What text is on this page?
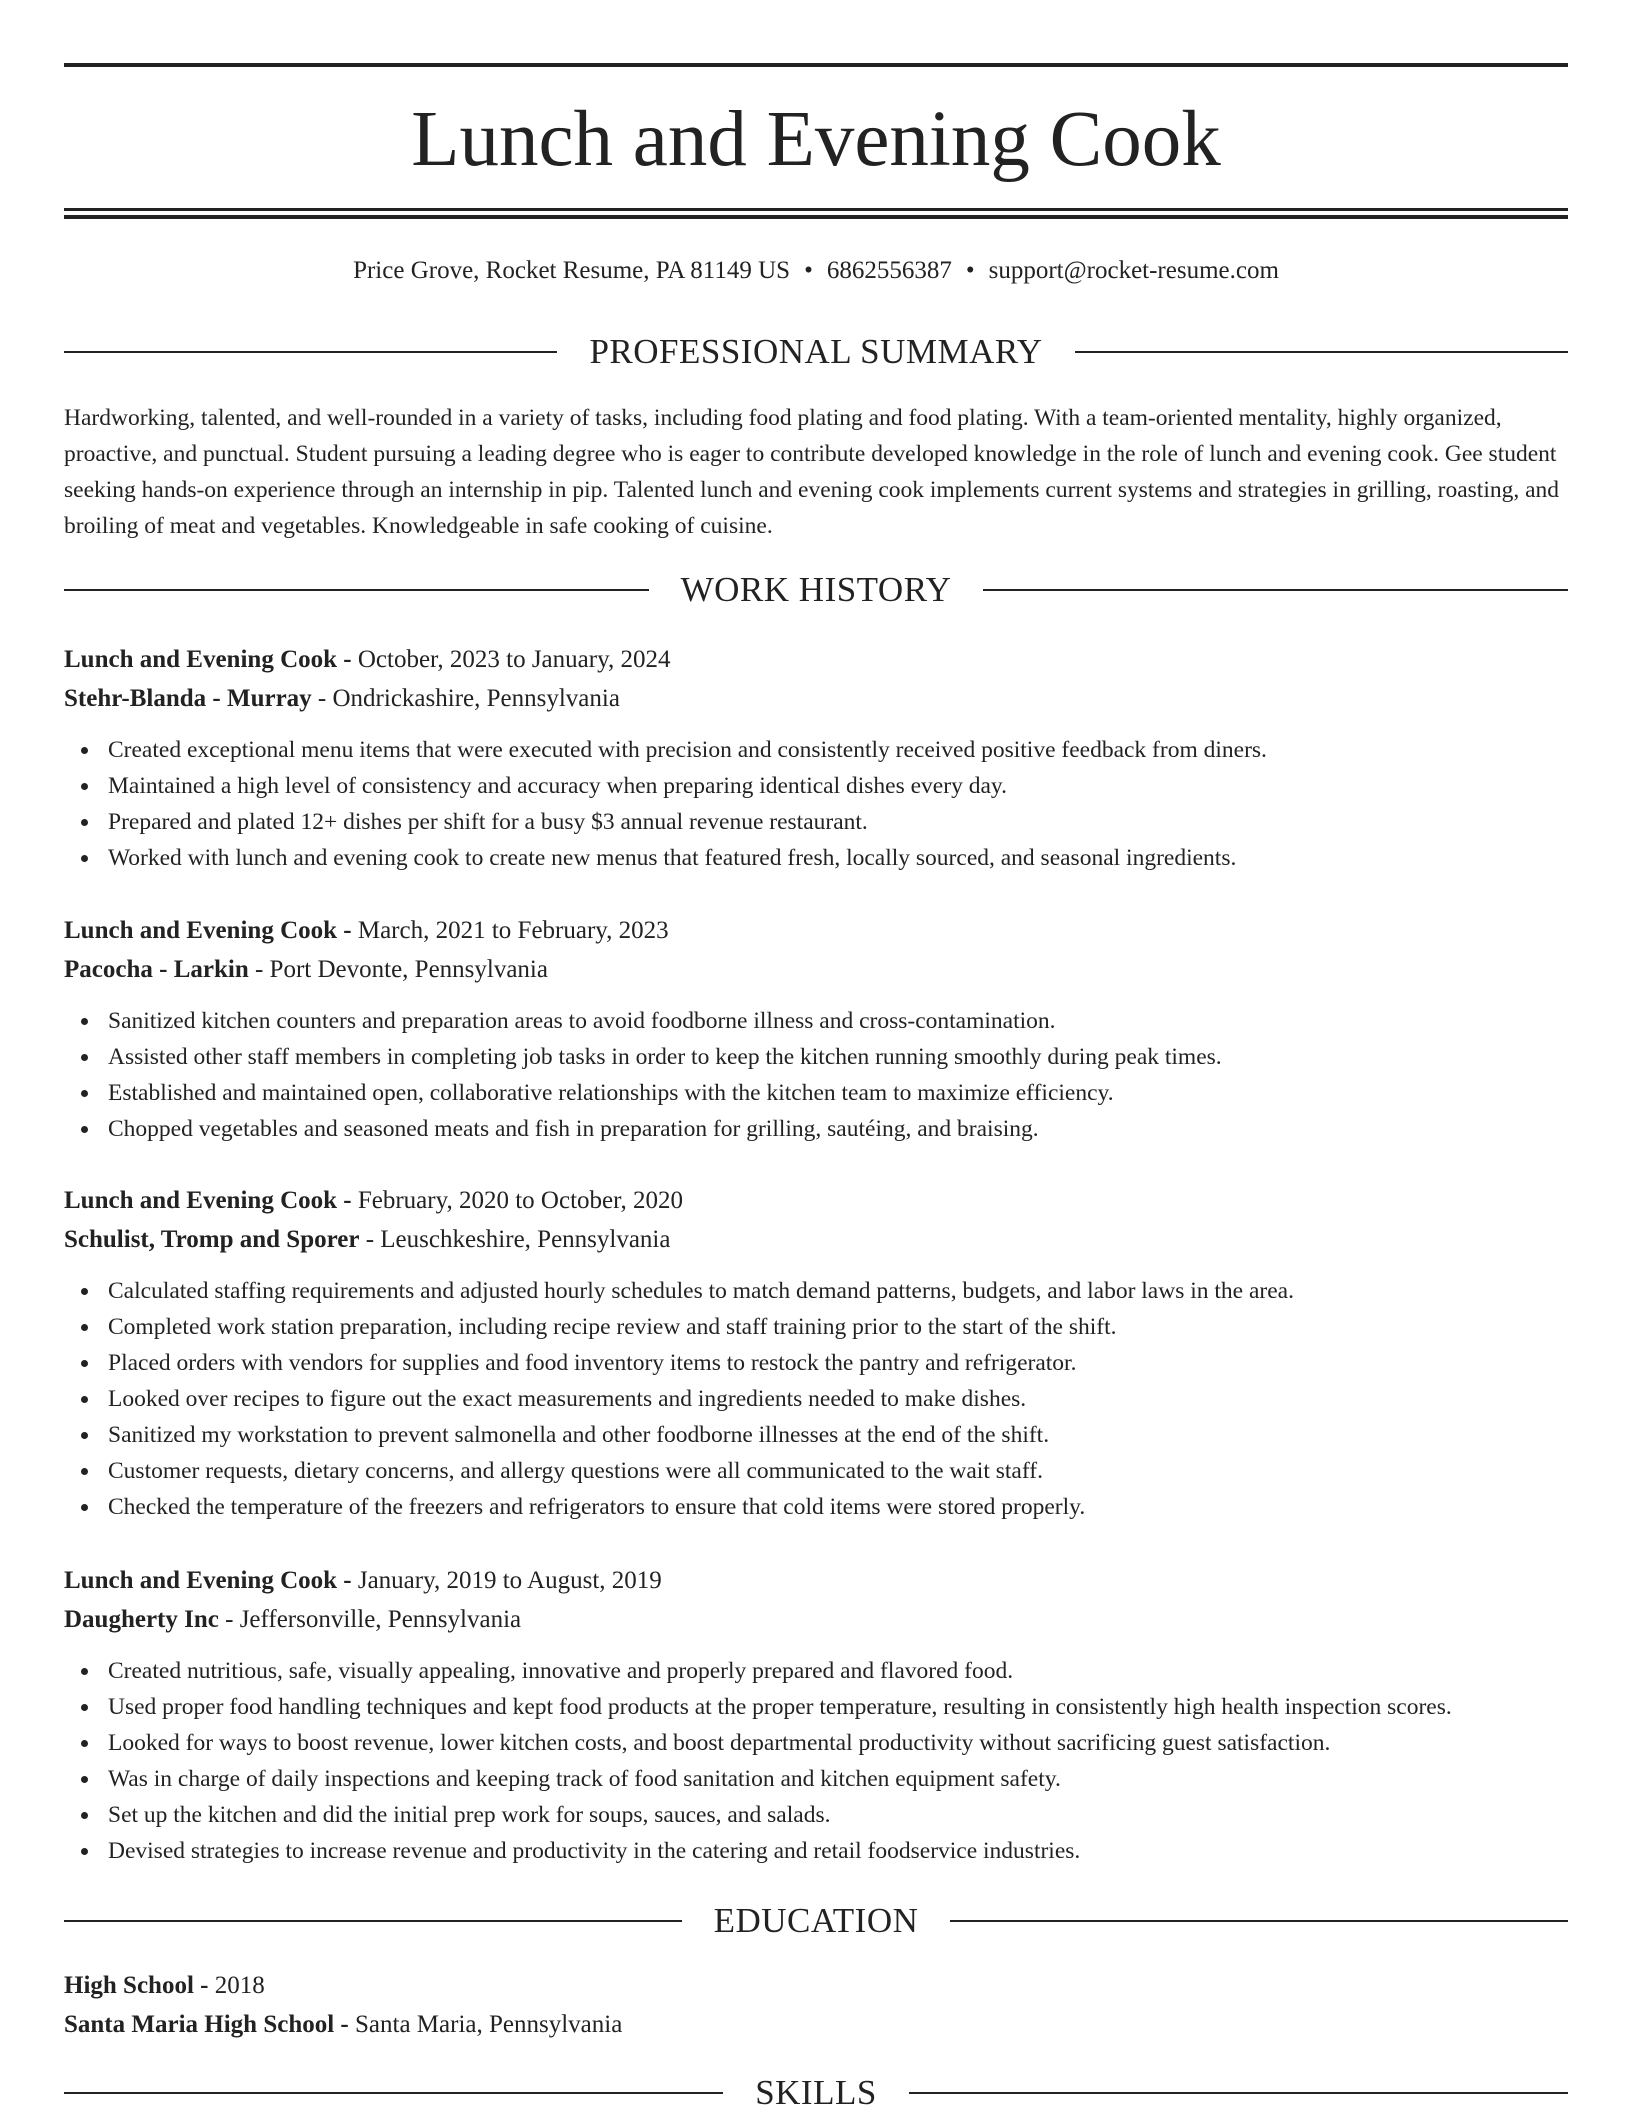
Lunch and Evening Cook
Price Grove, Rocket Resume, PA 81149 US • 6862556387 • support@rocket-resume.com
PROFESSIONAL SUMMARY

Hardworking, talented, and well-rounded in a variety of tasks, including food plating and food plating. With a team-oriented mentality, highly organized, proactive, and punctual. Student pursuing a leading degree who is eager to contribute developed knowledge in the role of lunch and evening cook. Gee student seeking hands-on experience through an internship in pip. Talented lunch and evening cook implements current systems and strategies in grilling, roasting, and broiling of meat and vegetables. Knowledgeable in safe cooking of cuisine.

WORK HISTORY
Lunch and Evening Cook - October, 2023 to January, 2024
Stehr-Blanda - Murray - Ondrickashire, Pennsylvania
Created exceptional menu items that were executed with precision and consistently received positive feedback from diners.
Maintained a high level of consistency and accuracy when preparing identical dishes every day.
Prepared and plated 12+ dishes per shift for a busy $3 annual revenue restaurant.
Worked with lunch and evening cook to create new menus that featured fresh, locally sourced, and seasonal ingredients.
Lunch and Evening Cook - March, 2021 to February, 2023
Pacocha - Larkin - Port Devonte, Pennsylvania
Sanitized kitchen counters and preparation areas to avoid foodborne illness and cross-contamination.
Assisted other staff members in completing job tasks in order to keep the kitchen running smoothly during peak times.
Established and maintained open, collaborative relationships with the kitchen team to maximize efficiency.
Chopped vegetables and seasoned meats and fish in preparation for grilling, sautéing, and braising.
Lunch and Evening Cook - February, 2020 to October, 2020
Schulist, Tromp and Sporer - Leuschkeshire, Pennsylvania
Calculated staffing requirements and adjusted hourly schedules to match demand patterns, budgets, and labor laws in the area.
Completed work station preparation, including recipe review and staff training prior to the start of the shift.
Placed orders with vendors for supplies and food inventory items to restock the pantry and refrigerator.
Looked over recipes to figure out the exact measurements and ingredients needed to make dishes.
Sanitized my workstation to prevent salmonella and other foodborne illnesses at the end of the shift.
Customer requests, dietary concerns, and allergy questions were all communicated to the wait staff.
Checked the temperature of the freezers and refrigerators to ensure that cold items were stored properly.
Lunch and Evening Cook - January, 2019 to August, 2019
Daugherty Inc - Jeffersonville, Pennsylvania
Created nutritious, safe, visually appealing, innovative and properly prepared and flavored food.
Used proper food handling techniques and kept food products at the proper temperature, resulting in consistently high health inspection scores.
Looked for ways to boost revenue, lower kitchen costs, and boost departmental productivity without sacrificing guest satisfaction.
Was in charge of daily inspections and keeping track of food sanitation and kitchen equipment safety.
Set up the kitchen and did the initial prep work for soups, sauces, and salads.
Devised strategies to increase revenue and productivity in the catering and retail foodservice industries.
EDUCATION
High School - 2018
Santa Maria High School - Santa Maria, Pennsylvania
SKILLS
